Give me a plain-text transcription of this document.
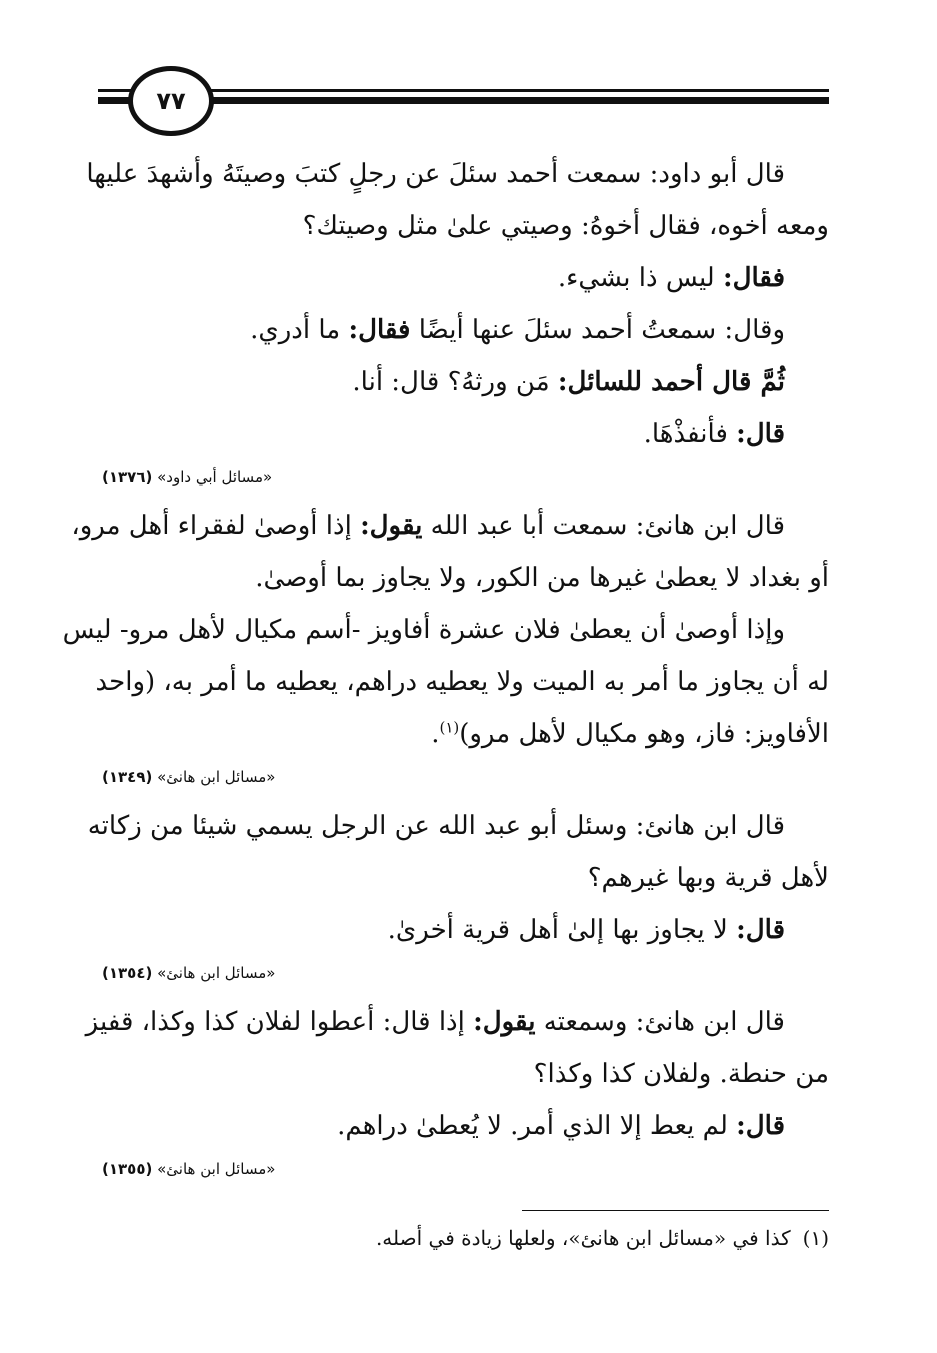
٧٧
قال أبو داود: سمعت أحمد سئلَ عن رجلٍ كتبَ وصيتَهُ وأشهدَ عليها
ومعه أخوه، فقال أخوهُ: وصيتي علىٰ مثل وصيتك؟
فقال: ليس ذا بشيء.
وقال: سمعتُ أحمد سئلَ عنها أيضًا فقال: ما أدري.
ثُمَّ قال أحمد للسائل: مَن ورثهُ؟ قال: أنا.
قال: فأنفذْهَا.
«مسائل أبي داود» (١٣٧٦)
قال ابن هانئ: سمعت أبا عبد الله يقول: إذا أوصىٰ لفقراء أهل مرو،
أو بغداد لا يعطىٰ غيرها من الكور، ولا يجاوز بما أوصىٰ.
وإذا أوصىٰ أن يعطىٰ فلان عشرة أفاويز -أسم مكيال لأهل مرو- ليس
له أن يجاوز ما أمر به الميت ولا يعطيه دراهم، يعطيه ما أمر به، (واحد
الأفاويز: فاز، وهو مكيال لأهل مرو)$^{(١)}$.
«مسائل ابن هانئ» (١٣٤٩)
قال ابن هانئ: وسئل أبو عبد الله عن الرجل يسمي شيئا من زكاته
لأهل قرية وبها غيرهم؟
قال: لا يجاوز بها إلىٰ أهل قرية أخرىٰ.
«مسائل ابن هانئ» (١٣٥٤)
قال ابن هانئ: وسمعته يقول: إذا قال: أعطوا لفلان كذا وكذا، قفيز
من حنطة. ولفلان كذا وكذا؟
قال: لم يعط إلا الذي أمر. لا يُعطىٰ دراهم.
«مسائل ابن هانئ» (١٣٥٥)
(١)كذا في «مسائل ابن هانئ»، ولعلها زيادة في أصله.
